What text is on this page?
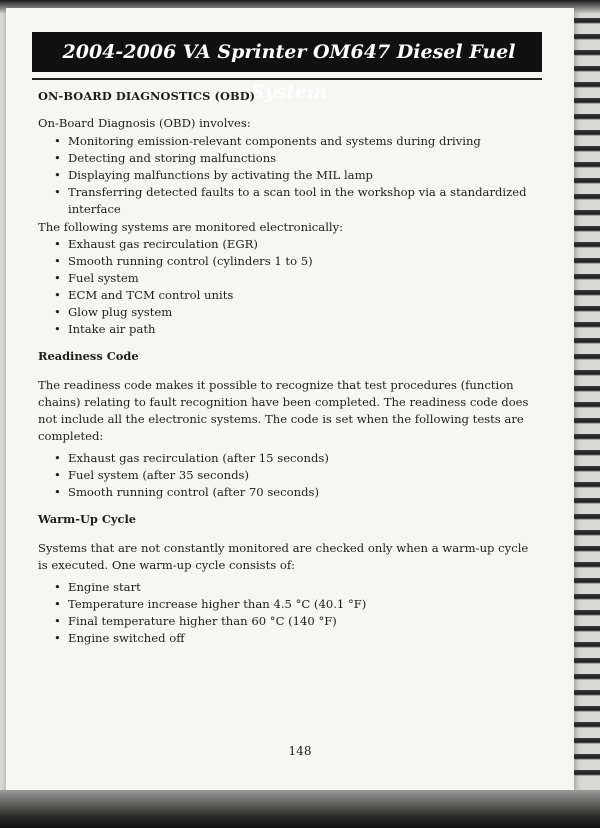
2004-2006 VA Sprinter OM647 Diesel Fuel System
ON-BOARD DIAGNOSTICS (OBD)

On-Board Diagnosis (OBD) involves:

• Monitoring emission-relevant components and systems during driving
• Detecting and storing malfunctions
• Displaying malfunctions by activating the MIL lamp
• Transferring detected faults to a scan tool in the workshop via a standardized interface

The following systems are monitored electronically:

• Exhaust gas recirculation (EGR)
• Smooth running control (cylinders 1 to 5)
• Fuel system
• ECM and TCM control units
• Glow plug system
• Intake air path
Readiness Code

The readiness code makes it possible to recognize that test procedures (function chains) relating to fault recognition have been completed. The readiness code does not include all the electronic systems. The code is set when the following tests are completed:

• Exhaust gas recirculation (after 15 seconds)
• Fuel system (after 35 seconds)
• Smooth running control (after 70 seconds)
Warm-Up Cycle

Systems that are not constantly monitored are checked only when a warm-up cycle is executed. One warm-up cycle consists of:

• Engine start
• Temperature increase higher than 4.5 °C (40.1 °F)
• Final temperature higher than 60 °C (140 °F)
• Engine switched off
148
